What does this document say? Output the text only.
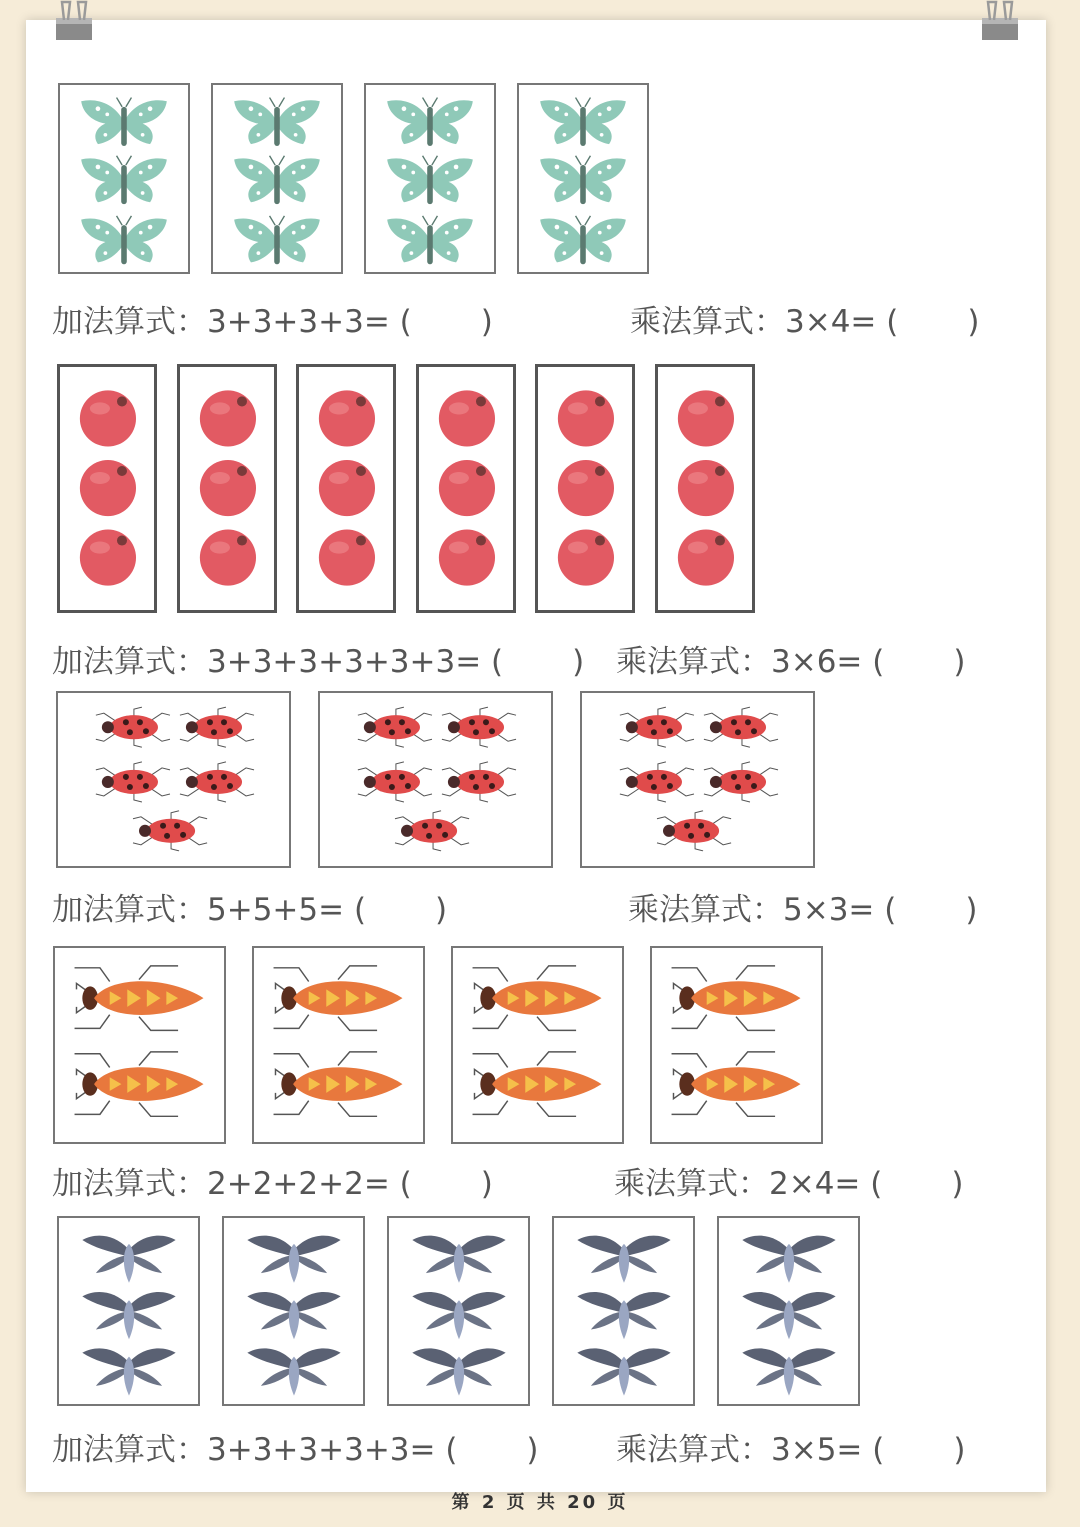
加法算式：3+3+3+3= (       )	乘法算式：3×4= (       )
加法算式：3+3+3+3+3+3= (       ) 乘法算式：3×6= (       )
加法算式：5+5+5= (       )	乘法算式：5×3= (       )
加法算式：2+2+2+2= (       )	乘法算式：2×4= (       )
加法算式：3+3+3+3+3= (       ) 乘法算式：3×5= (       )
第 2 页 共 20 页
